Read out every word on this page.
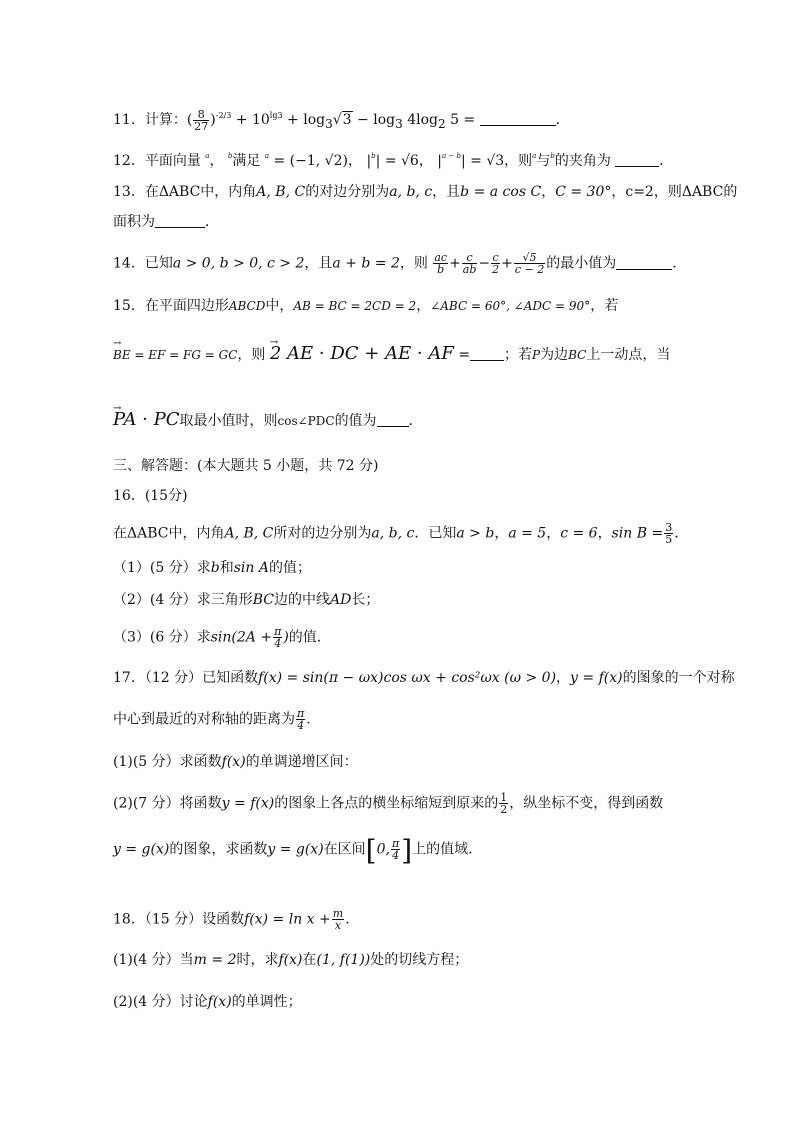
11．计算：( $\frac{8}{27} )^{-2/3} + 10^{lg3} + \log_3√3 - \log_3 4\log_2$ 5 =	．
12．平面向量 $^a$， $^b$满足 $^a$ = (−1, √2)， $|^b| = √6$， $|^{a - b}| = √3$，则$^a$与$^b$的夹角为	．
13．在ΔABC中，内角A, B, C的对边分别为a, b, c，且b = a cos C，C = 30°，c=2，则ΔABC的
面积为	．
14．已知a > 0, b > 0, c > 2，且a + b = 2，则 $\frac{ac}{b} + \frac{c}{ab} - \frac{c}{2} + \frac{√5}{c - 2}$ 的最小值为	.
15．在平面四边形ABCD中，AB = BC = 2CD = 2，∠ABC = 60°, ∠ADC = 90°，若
→ BE = EF = FG = GC，则 → 2 AE · DC + AE · AF = ；若P为边BC上一动点，当
→ PA · PC取最小值时，则cos∠PDC的值为 ．
三、解答题：(本大题共 5 小题，共 72 分)
16．(15分)
在ΔABC中，内角A, B, C所对的边分别为a, b, c．已知a > b，a = 5，c = 6，$\sin B = \frac{3}{5}$ ．
（1）(5 分）求b和sin A的值；
（2）(4 分）求三角形BC边的中线AD长；
（3）(6 分）求$\sin(2A + \frac{\pi}{4}$ )的值．
17．（12 分）已知函数f(x) = sin(π − ωx)cos ωx + cos²ωx (ω > 0)，y = f(x)的图象的一个对称
中心到最近的对称轴的距离为 $\frac{\pi}{4}$ .
(1)(5 分）求函数f(x)的单调递增区间：
(2)(7 分）将函数y = f(x)的图象上各点的横坐标缩短到原来的 $\frac{1}{2}$ ，纵坐标不变，得到函数
y = g(x)的图象，求函数y = g(x)在区间[0, $\frac{\pi}{4}$ ]上的值域.
18．（15 分）设函数$f(x) = \ln x + \frac{m}{x}$ .
(1)(4 分）当m = 2时，求f(x)在(1, f(1))处的切线方程；
(2)(4 分）讨论f(x)的单调性；
